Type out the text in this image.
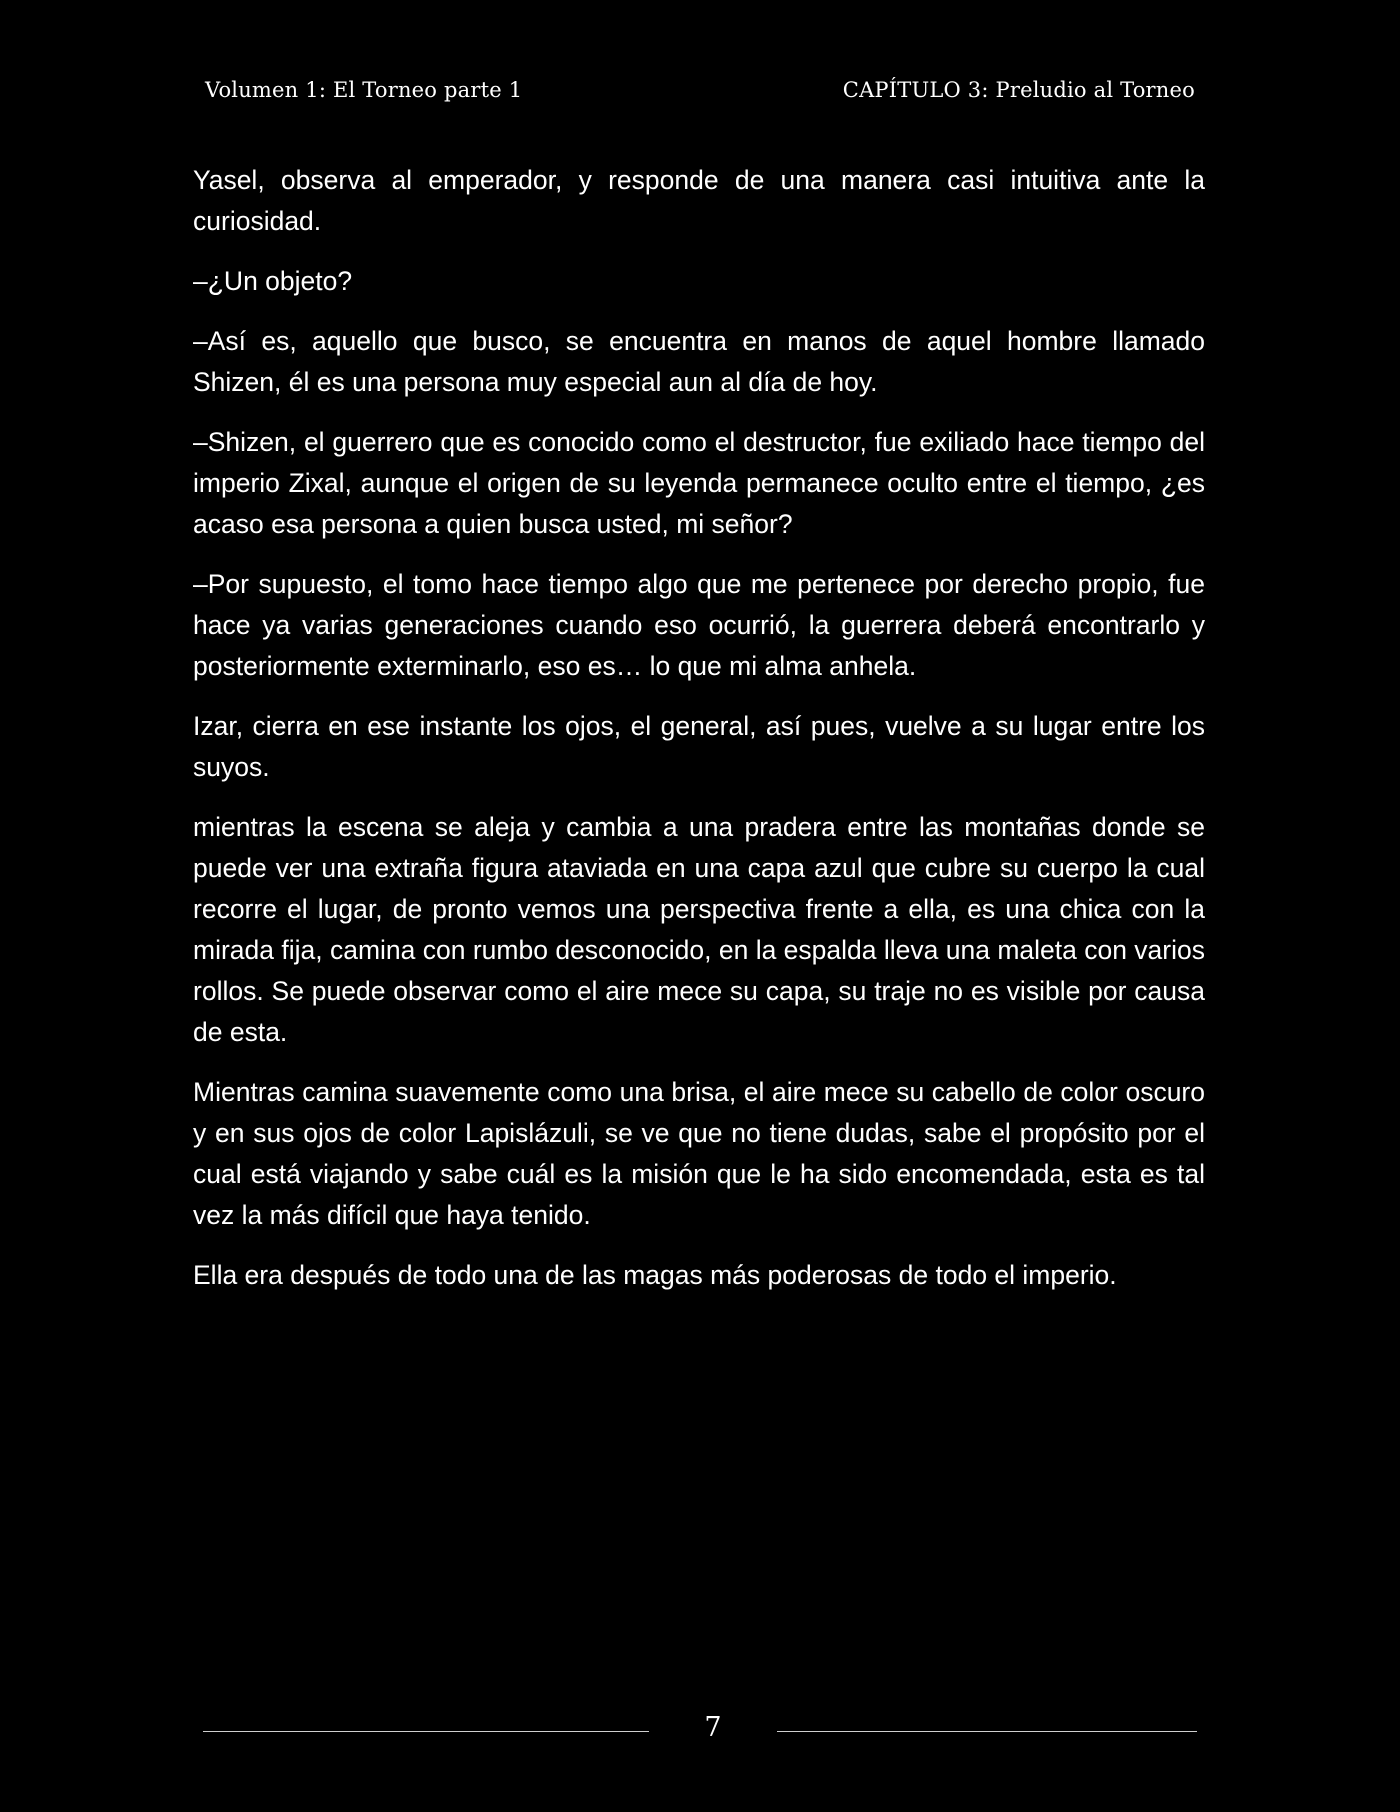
Volumen 1: El Torneo parte 1	CAPÍTULO 3: Preludio al Torneo

Yasel, observa al emperador, y responde de una manera casi intuitiva ante la curiosidad.

–¿Un objeto?

–Así es, aquello que busco, se encuentra en manos de aquel hombre llamado Shizen, él es una persona muy especial aun al día de hoy.

–Shizen, el guerrero que es conocido como el destructor, fue exiliado hace tiempo del imperio Zixal, aunque el origen de su leyenda permanece oculto entre el tiempo, ¿es acaso esa persona a quien busca usted, mi señor?

–Por supuesto, el tomo hace tiempo algo que me pertenece por derecho propio, fue hace ya varias generaciones cuando eso ocurrió, la guerrera deberá encontrarlo y posteriormente exterminarlo, eso es… lo que mi alma anhela.

Izar, cierra en ese instante los ojos, el general, así pues, vuelve a su lugar entre los suyos.

mientras la escena se aleja y cambia a una pradera entre las montañas donde se puede ver una extraña figura ataviada en una capa azul que cubre su cuerpo la cual recorre el lugar, de pronto vemos una perspectiva frente a ella, es una chica con la mirada fija, camina con rumbo desconocido, en la espalda lleva una maleta con varios rollos. Se puede observar como el aire mece su capa, su traje no es visible por causa de esta.

Mientras camina suavemente como una brisa, el aire mece su cabello de color oscuro y en sus ojos de color Lapislázuli, se ve que no tiene dudas, sabe el propósito por el cual está viajando y sabe cuál es la misión que le ha sido encomendada, esta es tal vez la más difícil que haya tenido.

Ella era después de todo una de las magas más poderosas de todo el imperio.

7
